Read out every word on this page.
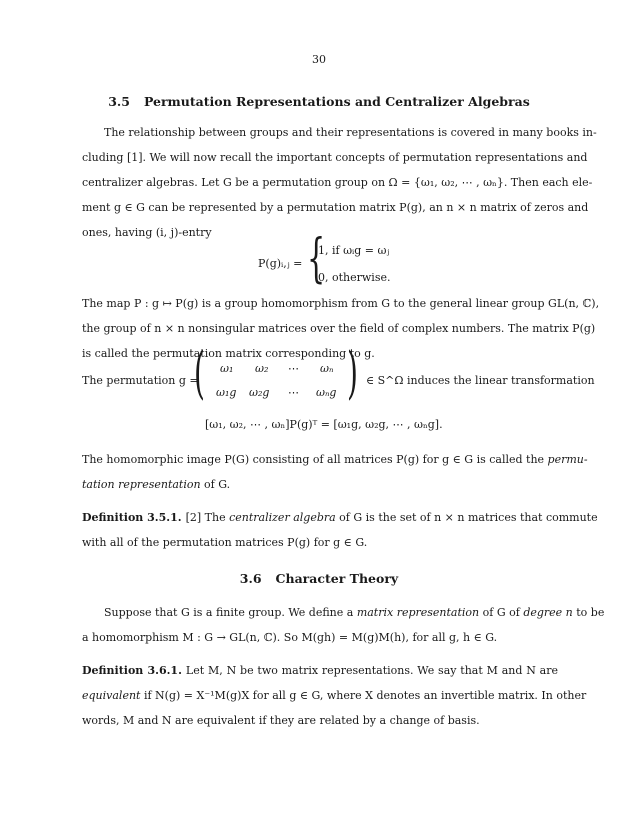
30
3.5 Permutation Representations and Centralizer Algebras
The relationship between groups and their representations is covered in many books in-
cluding [1]. We will now recall the important concepts of permutation representations and
centralizer algebras. Let G be a permutation group on Ω = {ω₁, ω₂, ⋯ , ωₙ}. Then each ele-
ment g ∈ G can be represented by a permutation matrix P(g), an n × n matrix of zeros and
ones, having (i, j)-entry
P(g)ᵢ,ⱼ = {
1, if ωᵢg = ωⱼ
0, otherwise.
The map P : g ↦ P(g) is a group homomorphism from G to the general linear group GL(n, ℂ),
the group of n × n nonsingular matrices over the field of complex numbers. The matrix P(g)
is called the permutation matrix corresponding to g.
The permutation g =
( ω₁ ω₂ ⋯ ωₙ
ω₁g ω₂g ⋯ ωₙg ) ∈ S^Ω induces the linear transformation
[ω₁, ω₂, ⋯ , ωₙ]P(g)ᵀ = [ω₁g, ω₂g, ⋯ , ωₙg].
The homomorphic image P(G) consisting of all matrices P(g) for g ∈ G is called the permu-
tation representation of G.
Definition 3.5.1. [2] The centralizer algebra of G is the set of n × n matrices that commute
with all of the permutation matrices P(g) for g ∈ G.
3.6 Character Theory
Suppose that G is a finite group. We define a matrix representation of G of degree n to be
a homomorphism M : G → GL(n, ℂ). So M(gh) = M(g)M(h), for all g, h ∈ G.
Definition 3.6.1. Let M, N be two matrix representations. We say that M and N are
equivalent if N(g) = X⁻¹M(g)X for all g ∈ G, where X denotes an invertible matrix. In other
words, M and N are equivalent if they are related by a change of basis.
